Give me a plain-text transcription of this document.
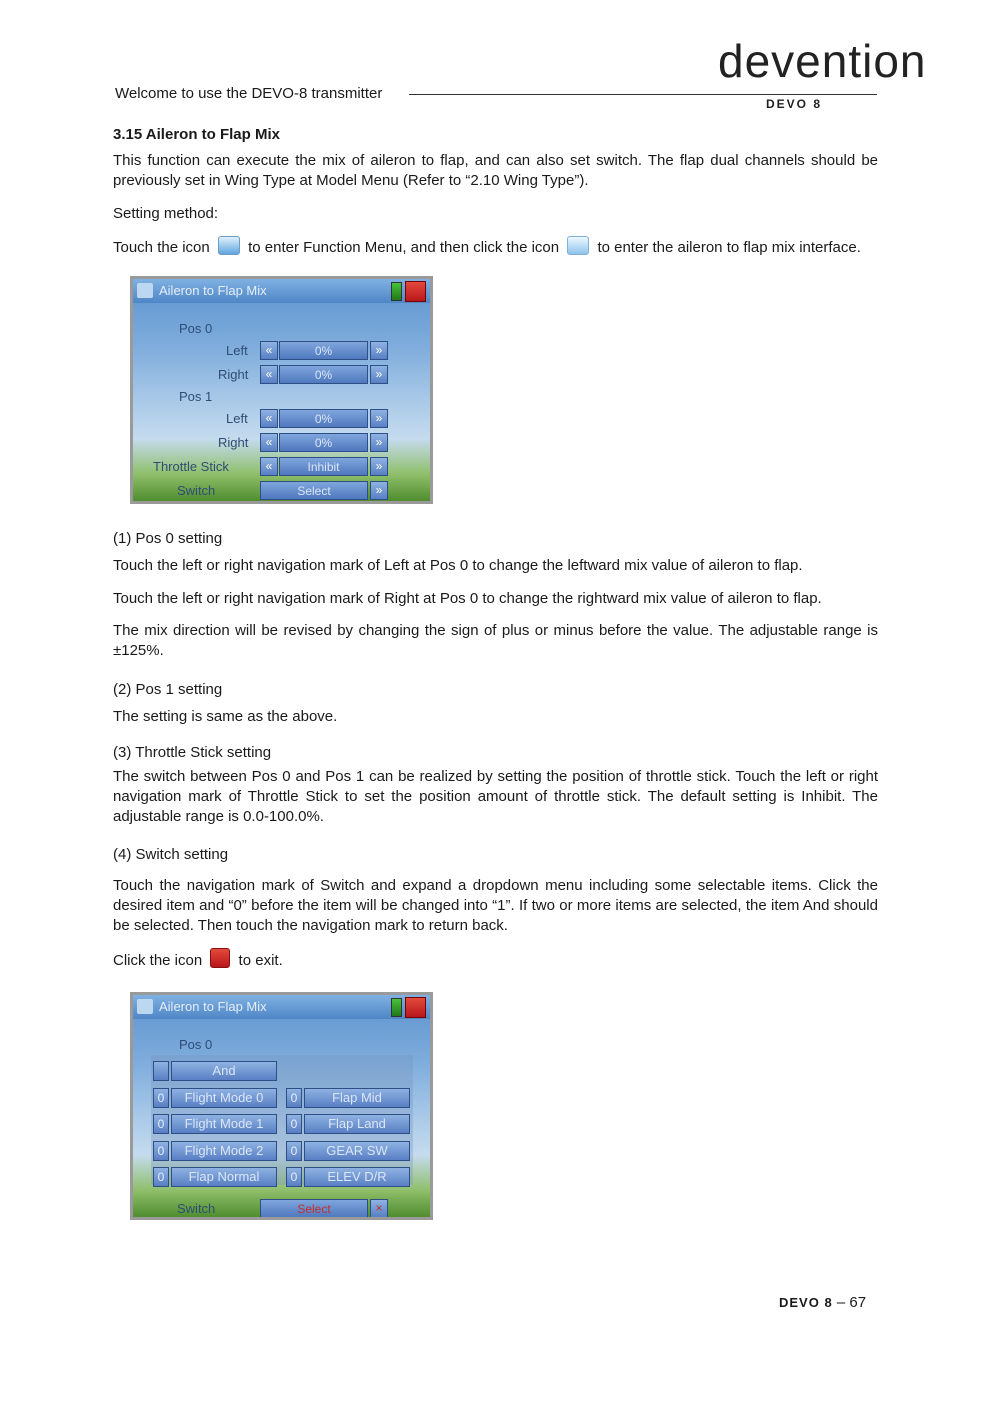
Welcome to use the DEVO-8 transmitter
devention
DEVO 8
3.15 Aileron to Flap Mix

This function can execute the mix of aileron to flap, and can also set switch. The flap dual channels should be previously set in Wing Type at Model Menu (Refer to “2.10 Wing Type”).

Setting method:

Touch the icon	to enter Function Menu, and then click the icon	to enter the aileron to flap mix interface.

Aileron to Flap Mix
Pos 0
Left	«	0%	»
Right	«	0%	»
Pos 1
Left	«	0%	»
Right	«	0%	»
Throttle Stick	«	Inhibit	»
Switch	Select	»

(1) Pos 0 setting

Touch the left or right navigation mark of Left at Pos 0 to change the leftward mix value of aileron to flap.

Touch the left or right navigation mark of Right at Pos 0 to change the rightward mix value of aileron to flap.

The mix direction will be revised by changing the sign of plus or minus before the value. The adjustable range is ±125%.

(2) Pos 1 setting

The setting is same as the above.

(3) Throttle Stick setting

The switch between Pos 0 and Pos 1 can be realized by setting the position of throttle stick. Touch the left or right navigation mark of Throttle Stick to set the position amount of throttle stick. The default setting is Inhibit. The adjustable range is 0.0-100.0%.

(4) Switch setting

Touch the navigation mark of Switch and expand a dropdown menu including some selectable items. Click the desired item and “0” before the item will be changed into “1”. If two or more items are selected, the item And should be selected. Then touch the navigation mark to return back.

Click the icon to exit.

Aileron to Flap Mix
Pos 0
And
0	Flight Mode 0
0	Flight Mode 1
0	Flight Mode 2
0	Flap Normal
0	Flap Mid
0	Flap Land
0	GEAR SW
0	ELEV D/R
Switch	Select	×
DEVO 8 – 67
